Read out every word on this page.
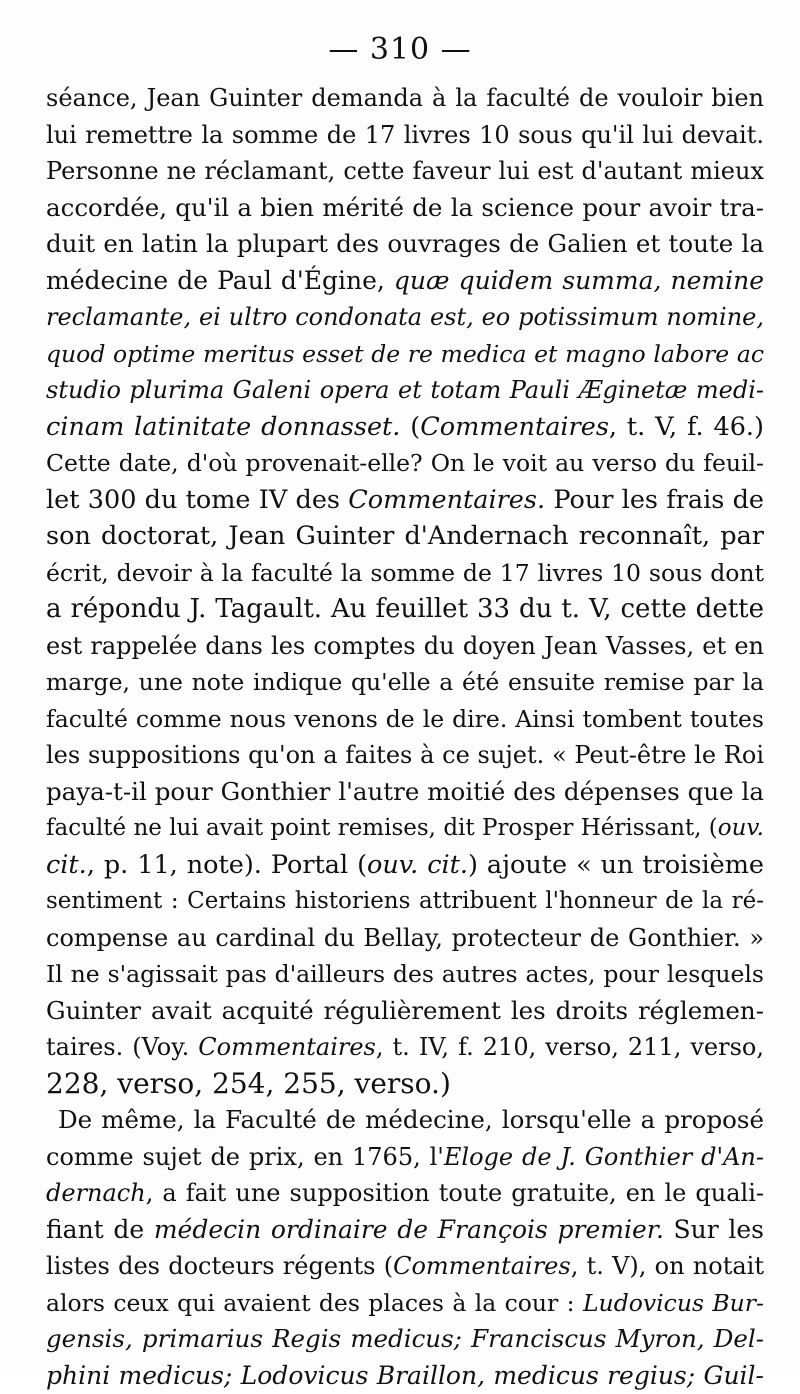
— 310 —
séance, Jean Guinter demanda à la faculté de vouloir bien
lui remettre la somme de 17 livres 10 sous qu'il lui devait.
Personne ne réclamant, cette faveur lui est d'autant mieux
accordée, qu'il a bien mérité de la science pour avoir tra-
duit en latin la plupart des ouvrages de Galien et toute la
médecine de Paul d'Égine, quæ quidem summa, nemine
reclamante, ei ultro condonata est, eo potissimum nomine,
quod optime meritus esset de re medica et magno labore ac
studio plurima Galeni opera et totam Pauli Æginetæ medi-
cinam latinitate donnasset. (Commentaires, t. V, f. 46.)
Cette date, d'où provenait-elle? On le voit au verso du feuil-
let 300 du tome IV des Commentaires. Pour les frais de
son doctorat, Jean Guinter d'Andernach reconnaît, par
écrit, devoir à la faculté la somme de 17 livres 10 sous dont
a répondu J. Tagault. Au feuillet 33 du t. V, cette dette
est rappelée dans les comptes du doyen Jean Vasses, et en
marge, une note indique qu'elle a été ensuite remise par la
faculté comme nous venons de le dire. Ainsi tombent toutes
les suppositions qu'on a faites à ce sujet. « Peut-être le Roi
paya-t-il pour Gonthier l'autre moitié des dépenses que la
faculté ne lui avait point remises, dit Prosper Hérissant, (ouv.
cit., p. 11, note). Portal (ouv. cit.) ajoute « un troisième
sentiment : Certains historiens attribuent l'honneur de la ré-
compense au cardinal du Bellay, protecteur de Gonthier. »
Il ne s'agissait pas d'ailleurs des autres actes, pour lesquels
Guinter avait acquité régulièrement les droits réglemen-
taires. (Voy. Commentaires, t. IV, f. 210, verso, 211, verso,
228, verso, 254, 255, verso.)
De même, la Faculté de médecine, lorsqu'elle a proposé
comme sujet de prix, en 1765, l'Eloge de J. Gonthier d'An-
dernach, a fait une supposition toute gratuite, en le quali-
fiant de médecin ordinaire de François premier. Sur les
listes des docteurs régents (Commentaires, t. V), on notait
alors ceux qui avaient des places à la cour : Ludovicus Bur-
gensis, primarius Regis medicus; Franciscus Myron, Del-
phini medicus; Lodovicus Braillon, medicus regius; Guil-
